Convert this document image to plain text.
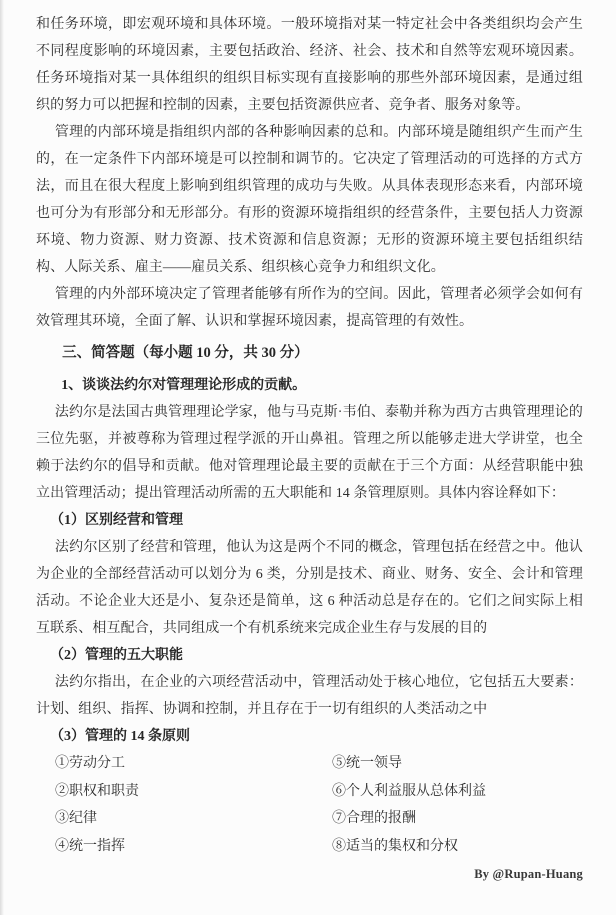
和任务环境，即宏观环境和具体环境。一般环境指对某一特定社会中各类组织均会产生不同程度影响的环境因素，主要包括政治、经济、社会、技术和自然等宏观环境因素。任务环境指对某一具体组织的组织目标实现有直接影响的那些外部环境因素，是通过组织的努力可以把握和控制的因素，主要包括资源供应者、竞争者、服务对象等。

管理的内部环境是指组织内部的各种影响因素的总和。内部环境是随组织产生而产生的，在一定条件下内部环境是可以控制和调节的。它决定了管理活动的可选择的方式方法，而且在很大程度上影响到组织管理的成功与失败。从具体表现形态来看，内部环境也可分为有形部分和无形部分。有形的资源环境指组织的经营条件，主要包括人力资源环境、物力资源、财力资源、技术资源和信息资源；无形的资源环境主要包括组织结构、人际关系、雇主——雇员关系、组织核心竞争力和组织文化。

管理的内外部环境决定了管理者能够有所作为的空间。因此，管理者必须学会如何有效管理其环境，全面了解、认识和掌握环境因素，提高管理的有效性。

三、简答题（每小题 10 分，共 30 分）
1、谈谈法约尔对管理理论形成的贡献。

法约尔是法国古典管理理论学家，他与马克斯·韦伯、泰勒并称为西方古典管理理论的三位先驱，并被尊称为管理过程学派的开山鼻祖。管理之所以能够走进大学讲堂，也全赖于法约尔的倡导和贡献。他对管理理论最主要的贡献在于三个方面：从经营职能中独立出管理活动；提出管理活动所需的五大职能和 14 条管理原则。具体内容诠释如下：

（1）区别经营和管理

法约尔区别了经营和管理，他认为这是两个不同的概念，管理包括在经营之中。他认为企业的全部经营活动可以划分为 6 类，分别是技术、商业、财务、安全、会计和管理活动。不论企业大还是小、复杂还是简单，这 6 种活动总是存在的。它们之间实际上相互联系、相互配合，共同组成一个有机系统来完成企业生存与发展的目的

（2）管理的五大职能

法约尔指出，在企业的六项经营活动中，管理活动处于核心地位，它包括五大要素：计划、组织、指挥、协调和控制，并且存在于一切有组织的人类活动之中

（3）管理的 14 条原则
①劳动分工
②职权和职责
③纪律
④统一指挥
⑤统一领导
⑥个人利益服从总体利益
⑦合理的报酬
⑧适当的集权和分权
By @Rupan-Huang
